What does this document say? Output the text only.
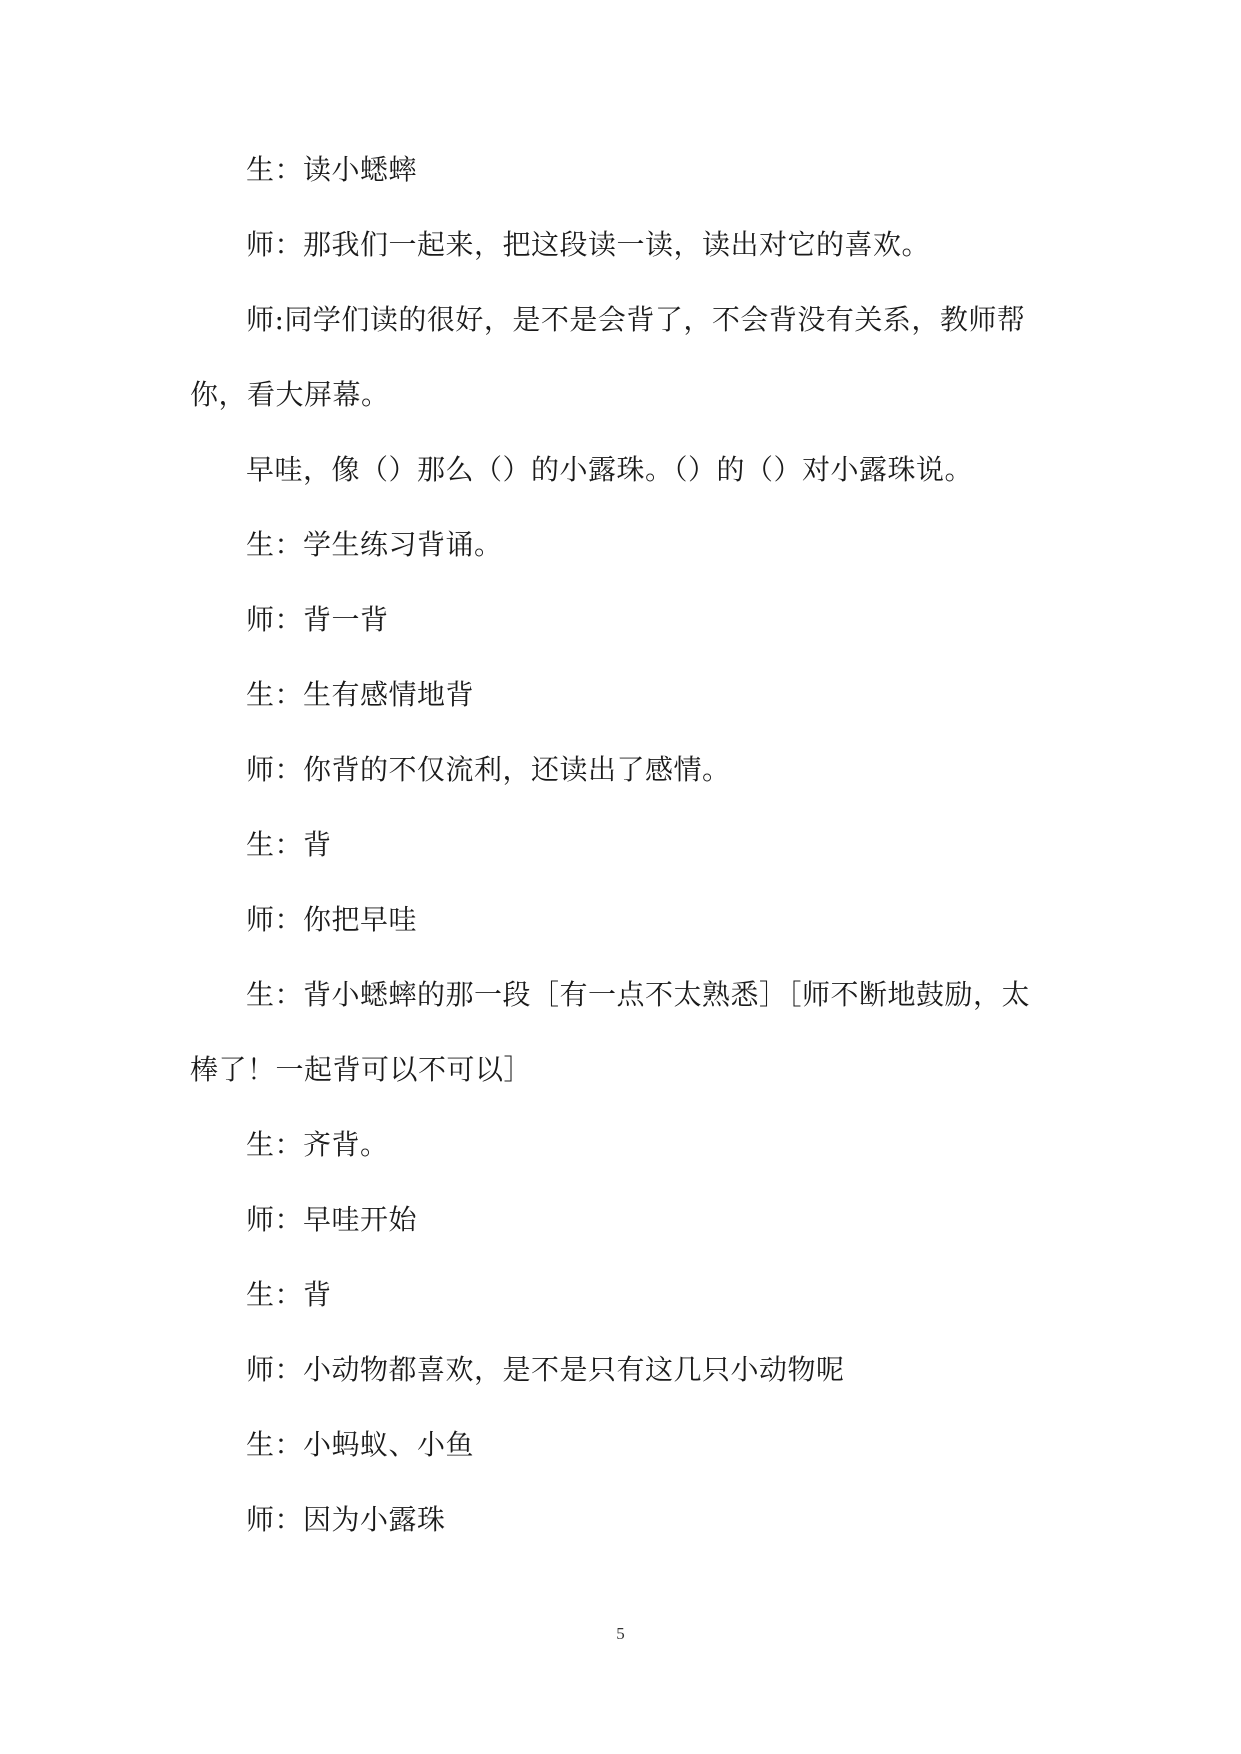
生：读小蟋蟀

师：那我们一起来，把这段读一读，读出对它的喜欢。

师:同学们读的很好，是不是会背了，不会背没有关系，教师帮

你，看大屏幕。

早哇，像（）那么（）的小露珠。（）的（）对小露珠说。

生：学生练习背诵。

师：背一背

生：生有感情地背

师：你背的不仅流利，还读出了感情。

生：背

师：你把早哇

生：背小蟋蟀的那一段［有一点不太熟悉］［师不断地鼓励，太

棒了！一起背可以不可以］

生：齐背。

师：早哇开始

生：背

师：小动物都喜欢，是不是只有这几只小动物呢

生：小蚂蚁、小鱼

师：因为小露珠

5
